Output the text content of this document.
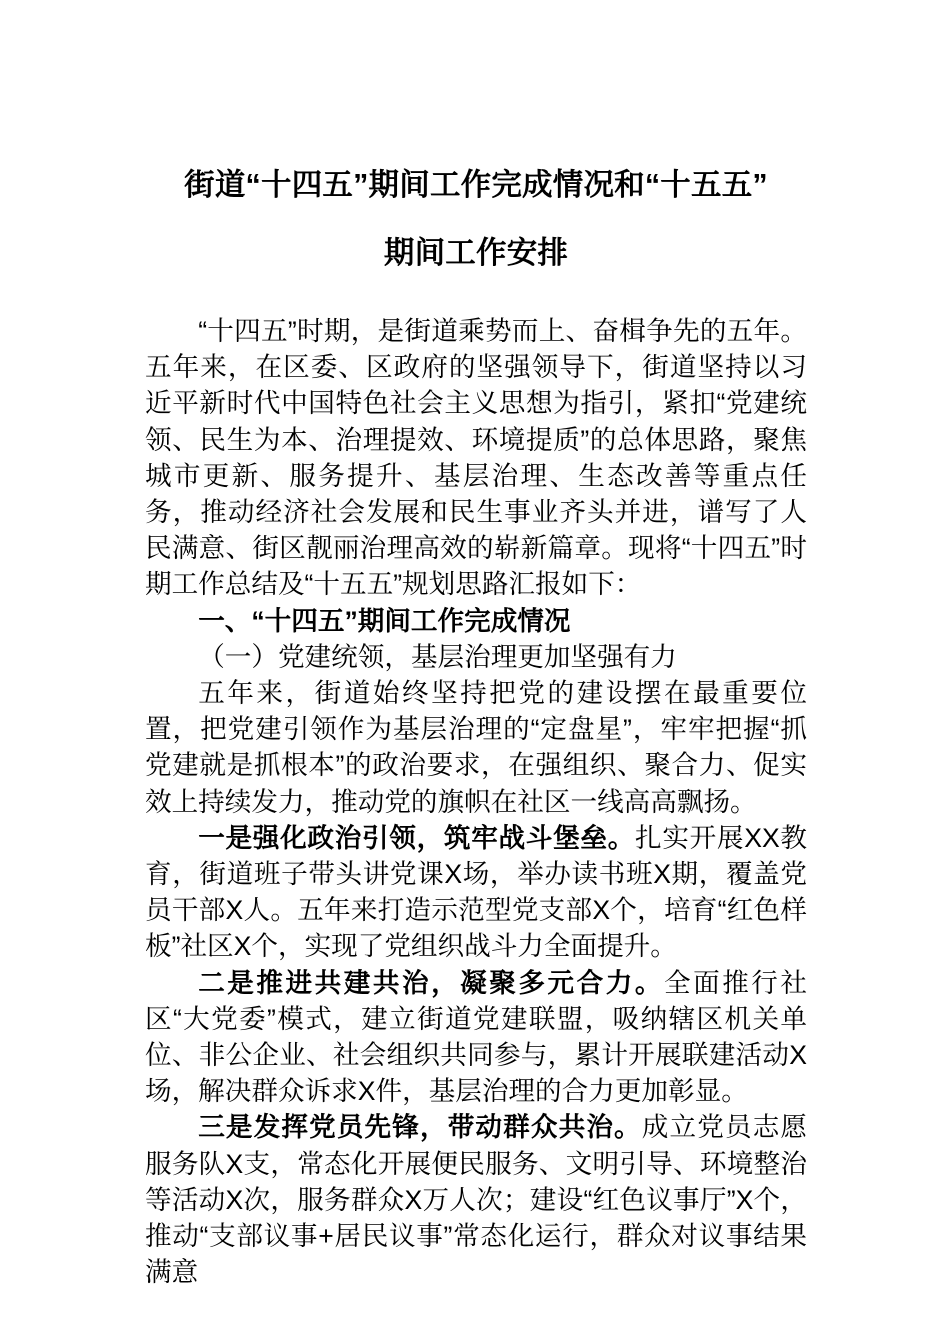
街道“十四五”期间工作完成情况和“十五五”
期间工作安排

“十四五”时期，是街道乘势而上、奋楫争先的五年。五年来，在区委、区政府的坚强领导下，街道坚持以习近平新时代中国特色社会主义思想为指引，紧扣“党建统领、民生为本、治理提效、环境提质”的总体思路，聚焦城市更新、服务提升、基层治理、生态改善等重点任务，推动经济社会发展和民生事业齐头并进，谱写了人民满意、街区靓丽治理高效的崭新篇章。现将“十四五”时期工作总结及“十五五”规划思路汇报如下：

一、“十四五”期间工作完成情况

（一）党建统领，基层治理更加坚强有力

五年来，街道始终坚持把党的建设摆在最重要位置，把党建引领作为基层治理的“定盘星”，牢牢把握“抓党建就是抓根本”的政治要求，在强组织、聚合力、促实效上持续发力，推动党的旗帜在社区一线高高飘扬。

一是强化政治引领，筑牢战斗堡垒。扎实开展XX教育，街道班子带头讲党课X场，举办读书班X期，覆盖党员干部X人。五年来打造示范型党支部X个，培育“红色样板”社区X个，实现了党组织战斗力全面提升。

二是推进共建共治，凝聚多元合力。全面推行社区“大党委”模式，建立街道党建联盟，吸纳辖区机关单位、非公企业、社会组织共同参与，累计开展联建活动X场，解决群众诉求X件，基层治理的合力更加彰显。

三是发挥党员先锋，带动群众共治。成立党员志愿服务队X支，常态化开展便民服务、文明引导、环境整治等活动X次，服务群众X万人次；建设“红色议事厅”X个，推动“支部议事+居民议事”常态化运行，群众对议事结果满意
